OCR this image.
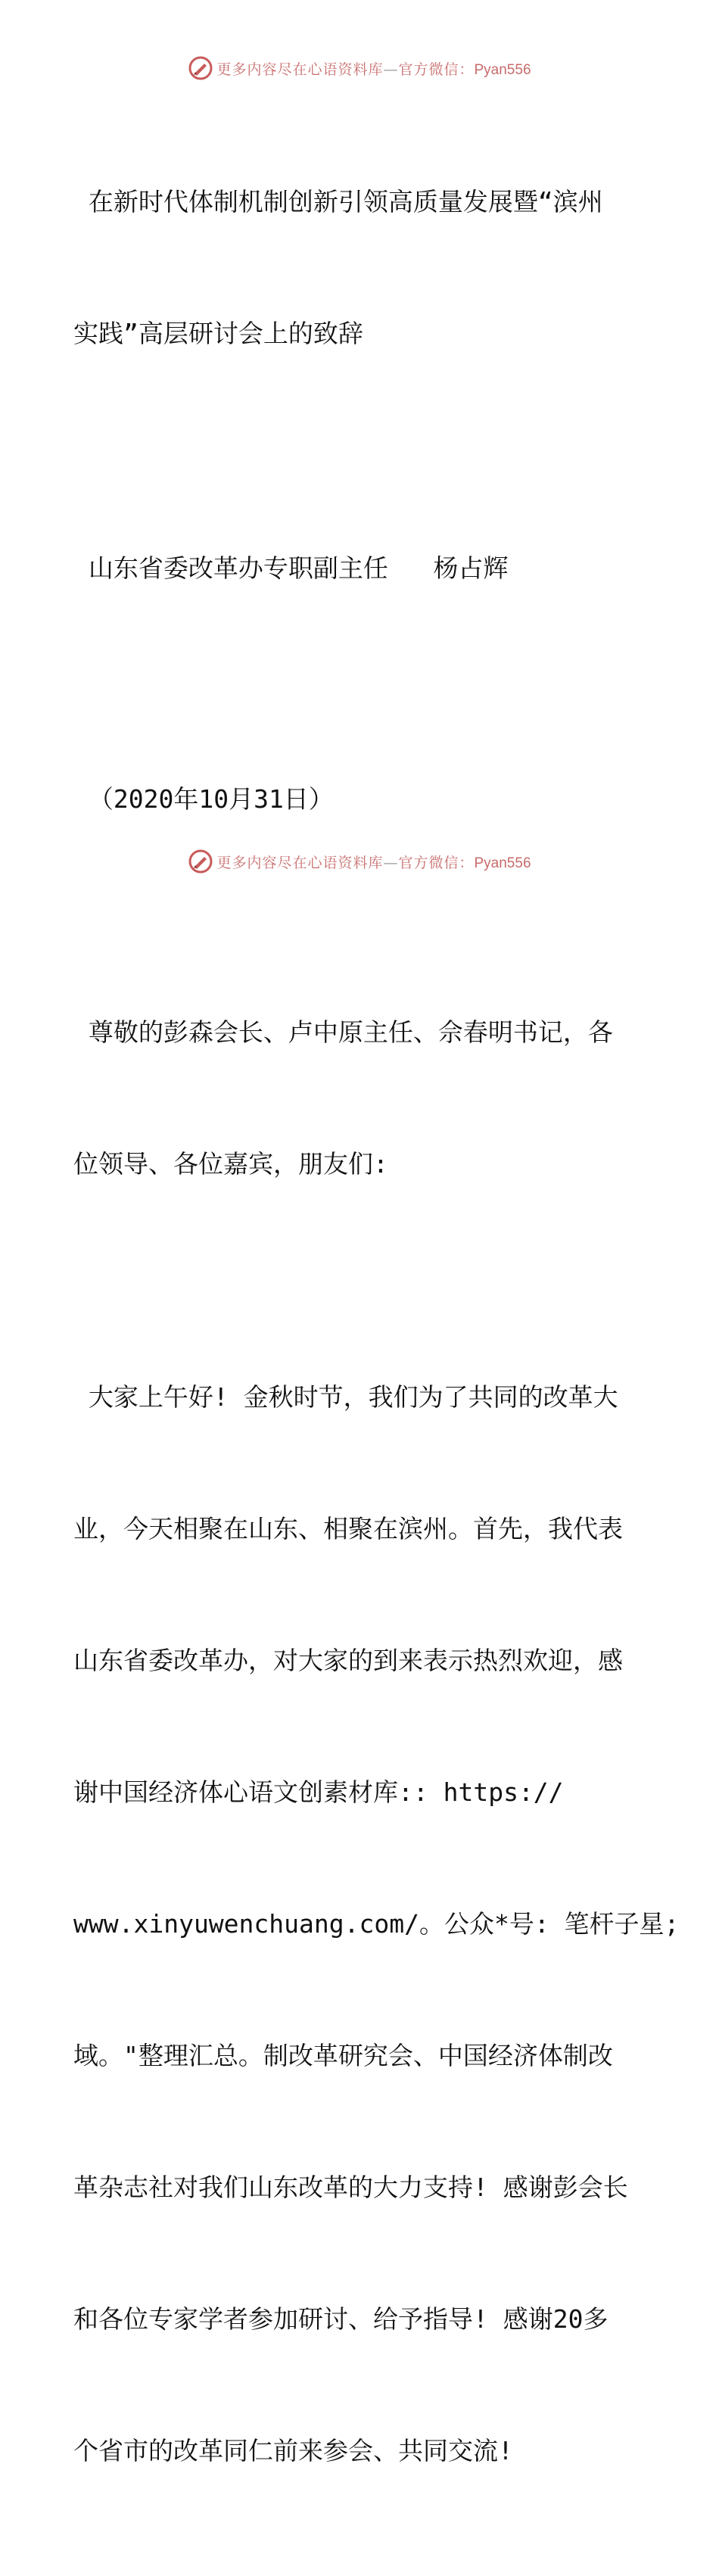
更多内容尽在心语资料库—官方微信：Pyan556

在新时代体制机制创新引领高质量发展暨“滨州

实践”高层研讨会上的致辞

山东省委改革办专职副主任   杨占辉

（2020年10月31日）

尊敬的彭森会长、卢中原主任、佘春明书记，各

位领导、各位嘉宾，朋友们:

大家上午好! 金秋时节，我们为了共同的改革大

业，今天相聚在山东、相聚在滨州。首先，我代表

山东省委改革办，对大家的到来表示热烈欢迎，感

谢中国经济体心语文创素材库:: https://

www.xinyuwenchuang.com/。公众*号: 笔杆子星;

域。"整理汇总。制改革研究会、中国经济体制改

革杂志社对我们山东改革的大力支持! 感谢彭会长

和各位专家学者参加研讨、给予指导! 感谢20多

个省市的改革同仁前来参会、共同交流!

更多内容尽在心语资料库—官方微信：Pyan556
